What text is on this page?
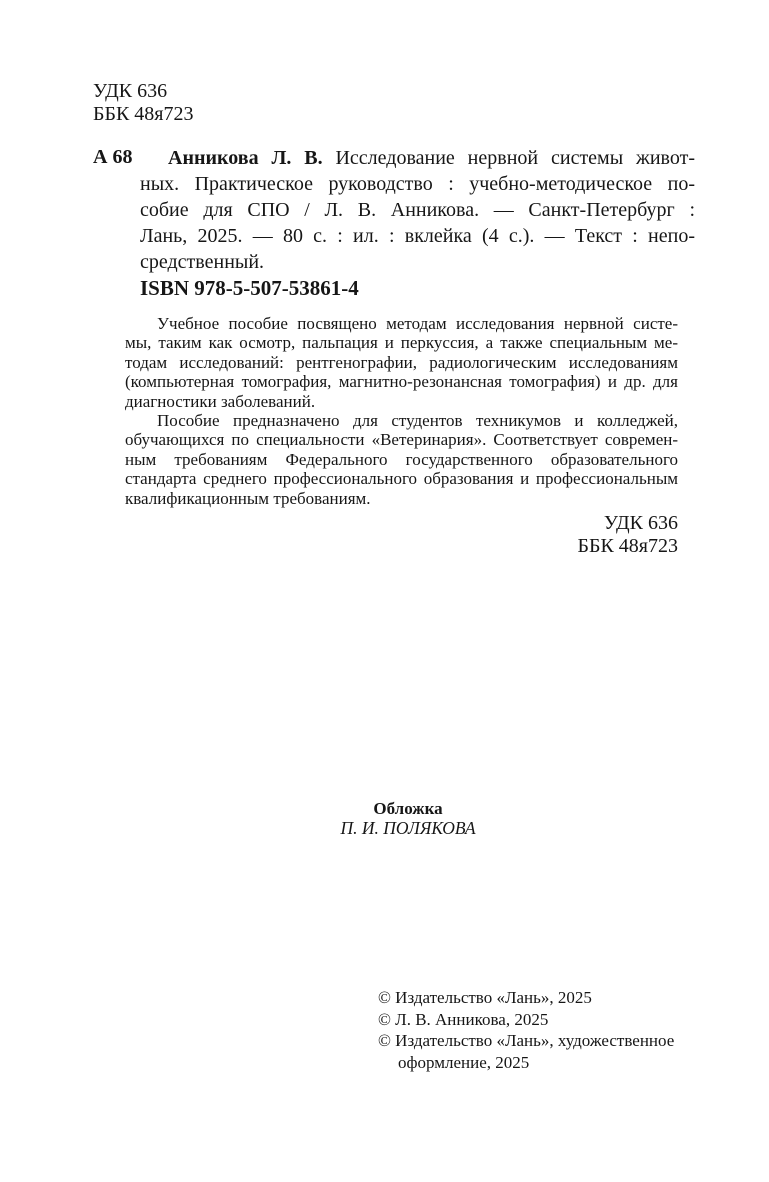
УДК 636
ББК 48я723
А 68	Анникова Л. В. Исследование нервной системы живот-
ных. Практическое руководство : учебно-методическое по-
собие для СПО / Л. В. Анникова. — Санкт-Петербург :
Лань, 2025. — 80 с. : ил. : вклейка (4 с.). — Текст : непо-
средственный.
ISBN 978-5-507-53861-4
Учебное пособие посвящено методам исследования нервной систе-
мы, таким как осмотр, пальпация и перкуссия, а также специальным ме-
тодам исследований: рентгенографии, радиологическим исследованиям
(компьютерная томография, магнитно-резонансная томография) и др. для
диагностики заболеваний.
Пособие предназначено для студентов техникумов и колледжей,
обучающихся по специальности «Ветеринария». Соответствует современ-
ным требованиям Федерального государственного образовательного
стандарта среднего профессионального образования и профессиональным
квалификационным требованиям.
УДК 636
ББК 48я723
Обложка
П. И. ПОЛЯКОВА
© Издательство «Лань», 2025
© Л. В. Анникова, 2025
© Издательство «Лань», художественное
оформление, 2025
